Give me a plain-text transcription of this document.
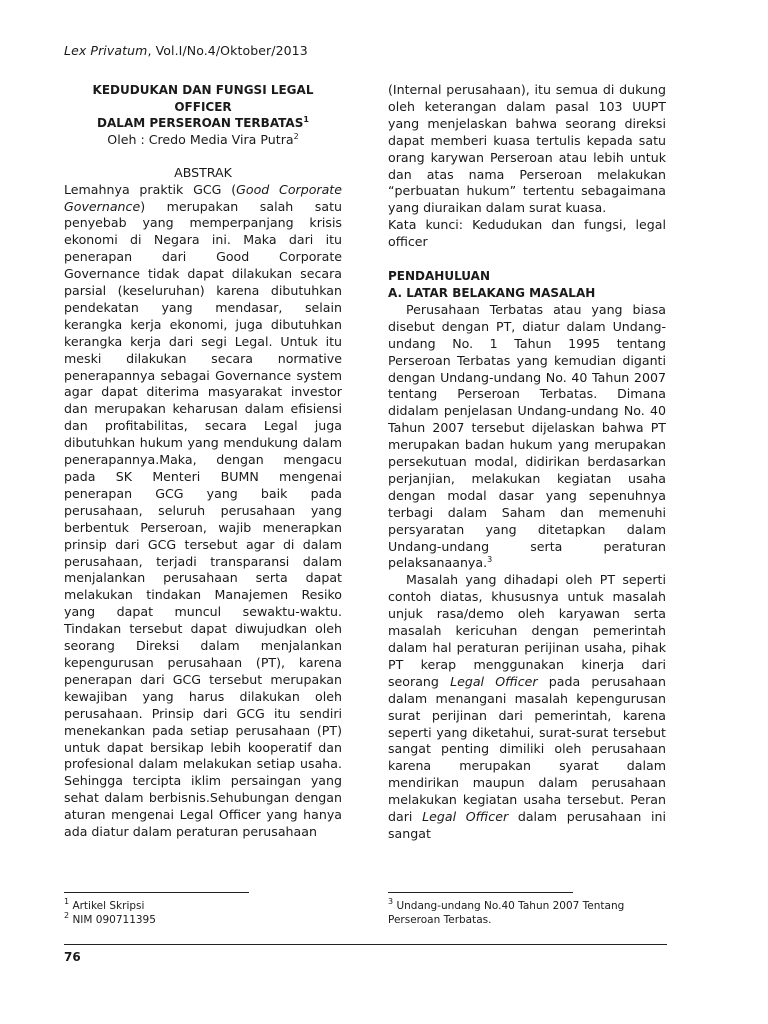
Lex Privatum, Vol.I/No.4/Oktober/2013
KEDUDUKAN DAN FUNGSI LEGAL OFFICER
DALAM PERSEROAN TERBATAS$^1$

Oleh : Credo Media Vira Putra$^2$

ABSTRAK

Lemahnya praktik GCG (Good Corporate Governance) merupakan salah satu penyebab yang memperpanjang krisis ekonomi di Negara ini. Maka dari itu penerapan dari Good Corporate Governance tidak dapat dilakukan secara parsial (keseluruhan) karena dibutuhkan pendekatan yang mendasar, selain kerangka kerja ekonomi, juga dibutuhkan kerangka kerja dari segi Legal. Untuk itu meski dilakukan secara normative penerapannya sebagai Governance system agar dapat diterima masyarakat investor dan merupakan keharusan dalam efisiensi dan profitabilitas, secara Legal juga dibutuhkan hukum yang mendukung dalam penerapannya.Maka, dengan mengacu pada SK Menteri BUMN mengenai penerapan GCG yang baik pada perusahaan, seluruh perusahaan yang berbentuk Perseroan, wajib menerapkan prinsip dari GCG tersebut agar di dalam perusahaan, terjadi transparansi dalam menjalankan perusahaan serta dapat melakukan tindakan Manajemen Resiko yang dapat muncul sewaktu-waktu. Tindakan tersebut dapat diwujudkan oleh seorang Direksi dalam menjalankan kepengurusan perusahaan (PT), karena penerapan dari GCG tersebut merupakan kewajiban yang harus dilakukan oleh perusahaan. Prinsip dari GCG itu sendiri menekankan pada setiap perusahaan (PT) untuk dapat bersikap lebih kooperatif dan profesional dalam melakukan setiap usaha. Sehingga tercipta iklim persaingan yang sehat dalam berbisnis.Sehubungan dengan aturan mengenai Legal Officer yang hanya ada diatur dalam peraturan perusahaan

(Internal perusahaan), itu semua di dukung oleh keterangan dalam pasal 103 UUPT yang menjelaskan bahwa seorang direksi dapat memberi kuasa tertulis kepada satu orang karywan Perseroan atau lebih untuk dan atas nama Perseroan melakukan “perbuatan hukum” tertentu sebagaimana yang diuraikan dalam surat kuasa.

Kata kunci: Kedudukan dan fungsi, legal officer

PENDAHULUAN

A. LATAR BELAKANG MASALAH

Perusahaan Terbatas atau yang biasa disebut dengan PT, diatur dalam Undang-undang No. 1 Tahun 1995 tentang Perseroan Terbatas yang kemudian diganti dengan Undang-undang No. 40 Tahun 2007 tentang Perseroan Terbatas. Dimana didalam penjelasan Undang-undang No. 40 Tahun 2007 tersebut dijelaskan bahwa PT merupakan badan hukum yang merupakan persekutuan modal, didirikan berdasarkan perjanjian, melakukan kegiatan usaha dengan modal dasar yang sepenuhnya terbagi dalam Saham dan memenuhi persyaratan yang ditetapkan dalam Undang-undang serta peraturan pelaksanaanya.$^3$

Masalah yang dihadapi oleh PT seperti contoh diatas, khususnya untuk masalah unjuk rasa/demo oleh karyawan serta masalah kericuhan dengan pemerintah dalam hal peraturan perijinan usaha, pihak PT kerap menggunakan kinerja dari seorang Legal Officer pada perusahaan dalam menangani masalah kepengurusan surat perijinan dari pemerintah, karena seperti yang diketahui, surat-surat tersebut sangat penting dimiliki oleh perusahaan karena merupakan syarat dalam mendirikan maupun dalam perusahaan melakukan kegiatan usaha tersebut. Peran dari Legal Officer dalam perusahaan ini sangat

$^1$ Artikel Skripsi
$^2$ NIM 090711395
$^3$ Undang-undang No.40 Tahun 2007 Tentang Perseroan Terbatas.
76
